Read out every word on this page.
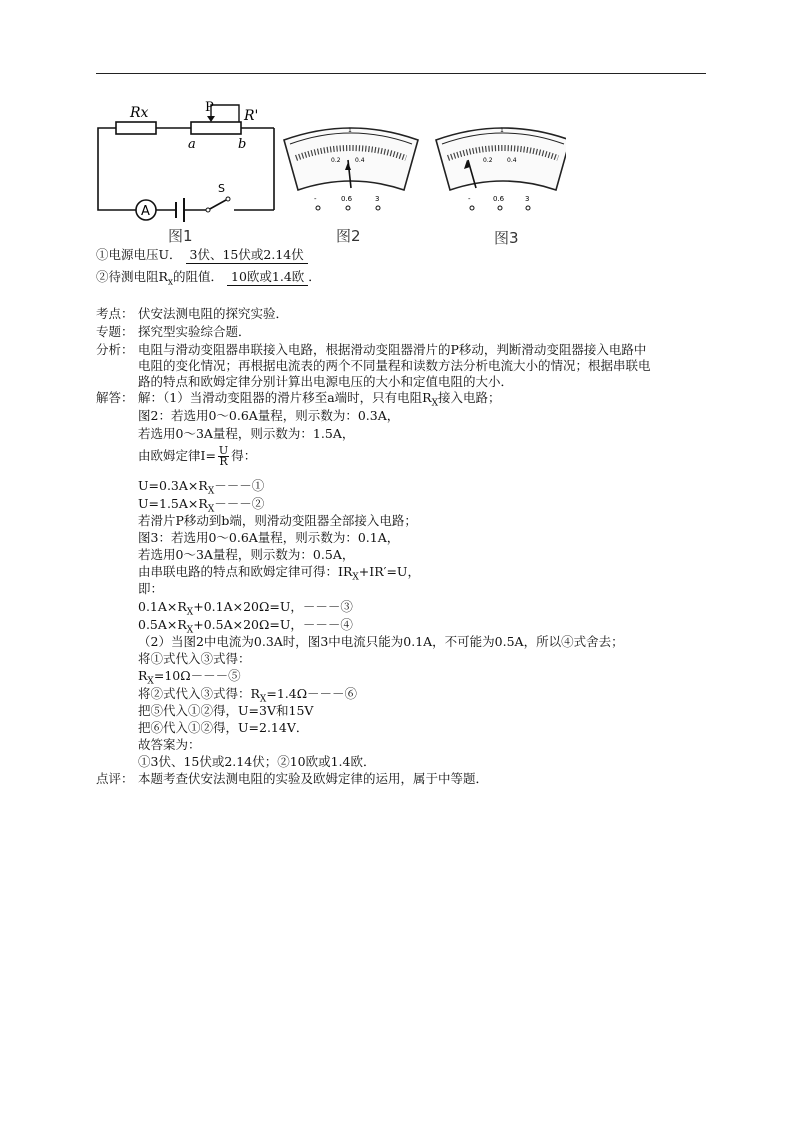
Rx	P
R'
a	b
S
A
1
0.2 0.4
-	0.6	3
1
0.2 0.4
-	0.6	3
图1	图2	图3
①电源电压U． 3伏、15伏或2.14伏
②待测电阻$R_x$的阻值． 10欧或1.4欧 ．
考点： 伏安法测电阻的探究实验．
专题： 探究型实验综合题．
分析： 电阻与滑动变阻器串联接入电路，根据滑动变阻器滑片的P移动，判断滑动变阻器接入电路中
电阻的变化情况；再根据电流表的两个不同量程和读数方法分析电流大小的情况；根据串联电
路的特点和欧姆定律分别计算出电源电压的大小和定值电阻的大小．
解答： 解：（1）当滑动变阻器的滑片移至a端时，只有电阻$R_X$接入电路；
图2：若选用0～0.6A量程，则示数为：0.3A，
若选用0～3A量程，则示数为：1.5A，
由欧姆定律$I= \frac{U}{R}$ 得：
$U=0.3A\times R_X---①$
$U=1.5A\times R_X---②$
若滑片P移动到b端，则滑动变阻器全部接入电路；
图3：若选用0～0.6A量程，则示数为：0.1A，
若选用0～3A量程，则示数为：0.5A，
由串联电路的特点和欧姆定律可得：$IR_X+IR'=U$，
即：
$0.1A\times R_X+0.1A\times 20\Omega=U$，－－－③
$0.5A\times R_X+0.5A\times 20\Omega=U$，－－－④
（2）当图2中电流为0.3A时，图3中电流只能为0.1A，不可能为0.5A，所以④式舍去；
将①式代入③式得：
$R_X=10\Omega---⑤$
将②式代入③式得：$R_X=1.4\Omega---⑥$
把⑤代入①②得，U=3V和15V
把⑥代入①②得，U=2.14V．
故答案为：
①3伏、15伏或2.14伏；②10欧或1.4欧．
点评： 本题考查伏安法测电阻的实验及欧姆定律的运用，属于中等题．
